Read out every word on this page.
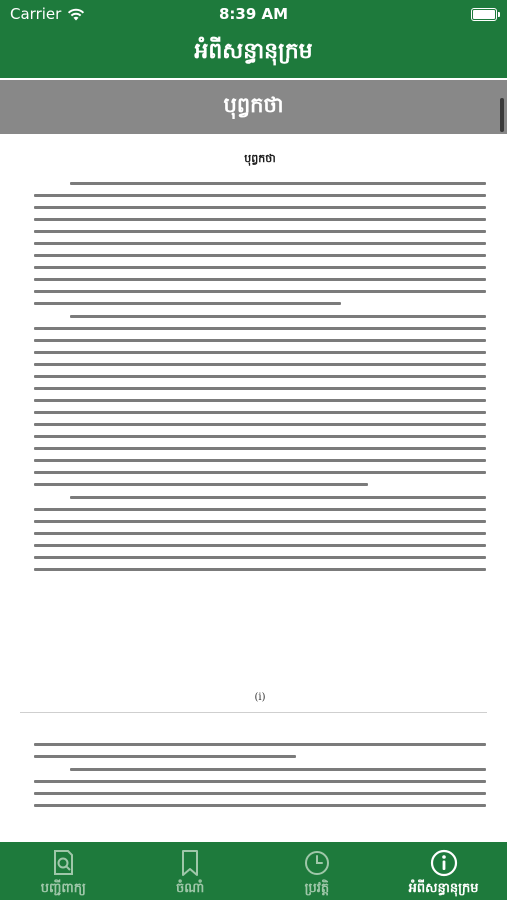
Carrier	8:39 AM
អំពីសន្ធានុក្រម
បុព្វកថា
បុព្វកថា
(i)
បញ្ជីពាក្យ	ចំណាំ	ប្រវត្តិ	អំពីសន្ធានុក្រម
